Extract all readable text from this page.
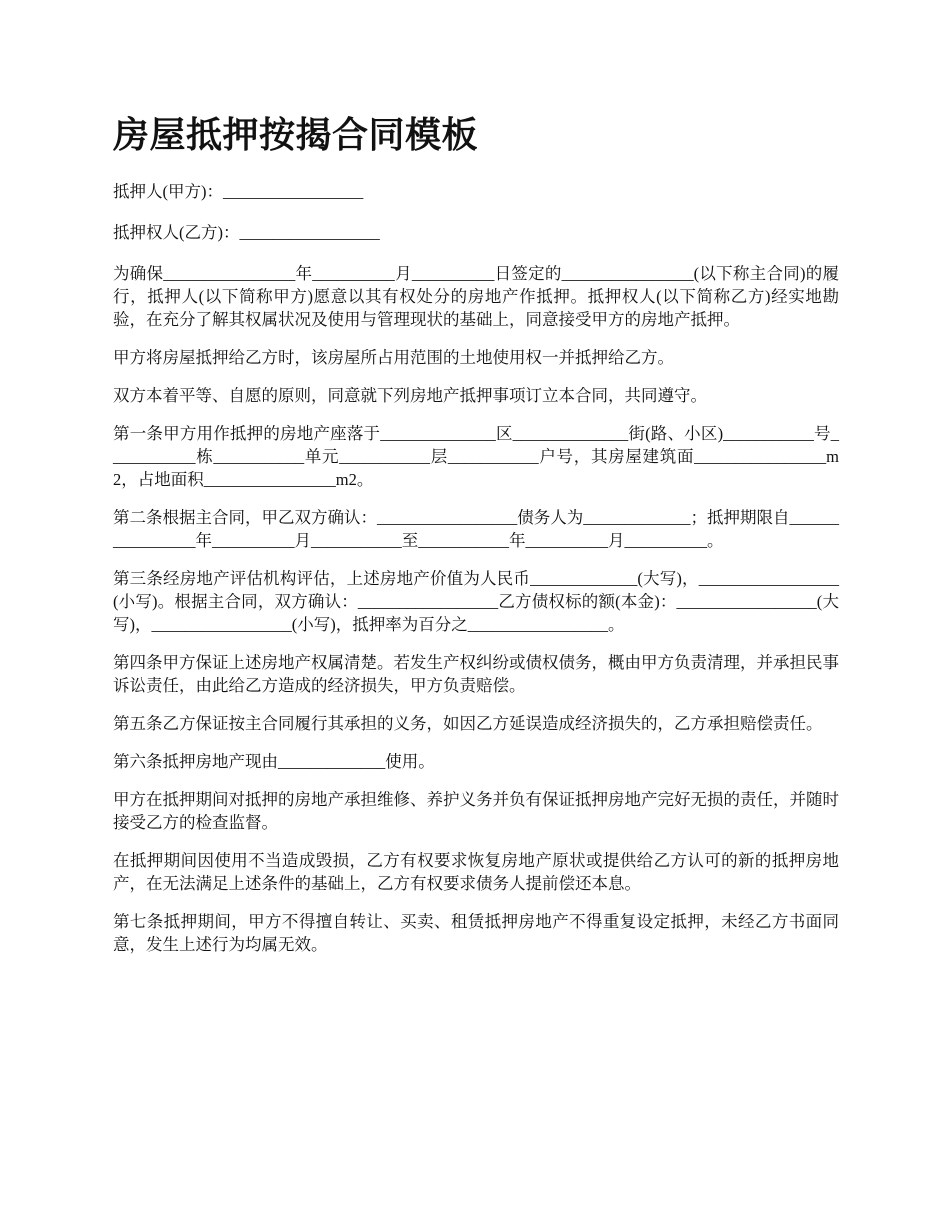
房屋抵押按揭合同模板

抵押人(甲方)：_________________

抵押权人(乙方)：_________________

为确保________________年__________月__________日签定的________________(以下称主合同)的履行，抵押人(以下简称甲方)愿意以其有权处分的房地产作抵押。抵押权人(以下简称乙方)经实地勘验，在充分了解其权属状况及使用与管理现状的基础上，同意接受甲方的房地产抵押。

甲方将房屋抵押给乙方时，该房屋所占用范围的土地使用权一并抵押给乙方。

双方本着平等、自愿的原则，同意就下列房地产抵押事项订立本合同，共同遵守。

第一条甲方用作抵押的房地产座落于______________区______________街(路、小区)___________号___________栋___________单元___________层___________户号，其房屋建筑面________________m2，占地面积________________m2。

第二条根据主合同，甲乙双方确认：_________________债务人为_____________；抵押期限自________________年__________月___________至___________年__________月__________。

第三条经房地产评估机构评估，上述房地产价值为人民币_____________(大写)，_________________(小写)。根据主合同，双方确认：_________________乙方债权标的额(本金)：_________________(大写)，_________________(小写)，抵押率为百分之_________________。

第四条甲方保证上述房地产权属清楚。若发生产权纠纷或债权债务，概由甲方负责清理，并承担民事诉讼责任，由此给乙方造成的经济损失，甲方负责赔偿。

第五条乙方保证按主合同履行其承担的义务，如因乙方延误造成经济损失的，乙方承担赔偿责任。

第六条抵押房地产现由_____________使用。

甲方在抵押期间对抵押的房地产承担维修、养护义务并负有保证抵押房地产完好无损的责任，并随时接受乙方的检查监督。

在抵押期间因使用不当造成毁损，乙方有权要求恢复房地产原状或提供给乙方认可的新的抵押房地产，在无法满足上述条件的基础上，乙方有权要求债务人提前偿还本息。

第七条抵押期间，甲方不得擅自转让、买卖、租赁抵押房地产不得重复设定抵押，未经乙方书面同意，发生上述行为均属无效。
